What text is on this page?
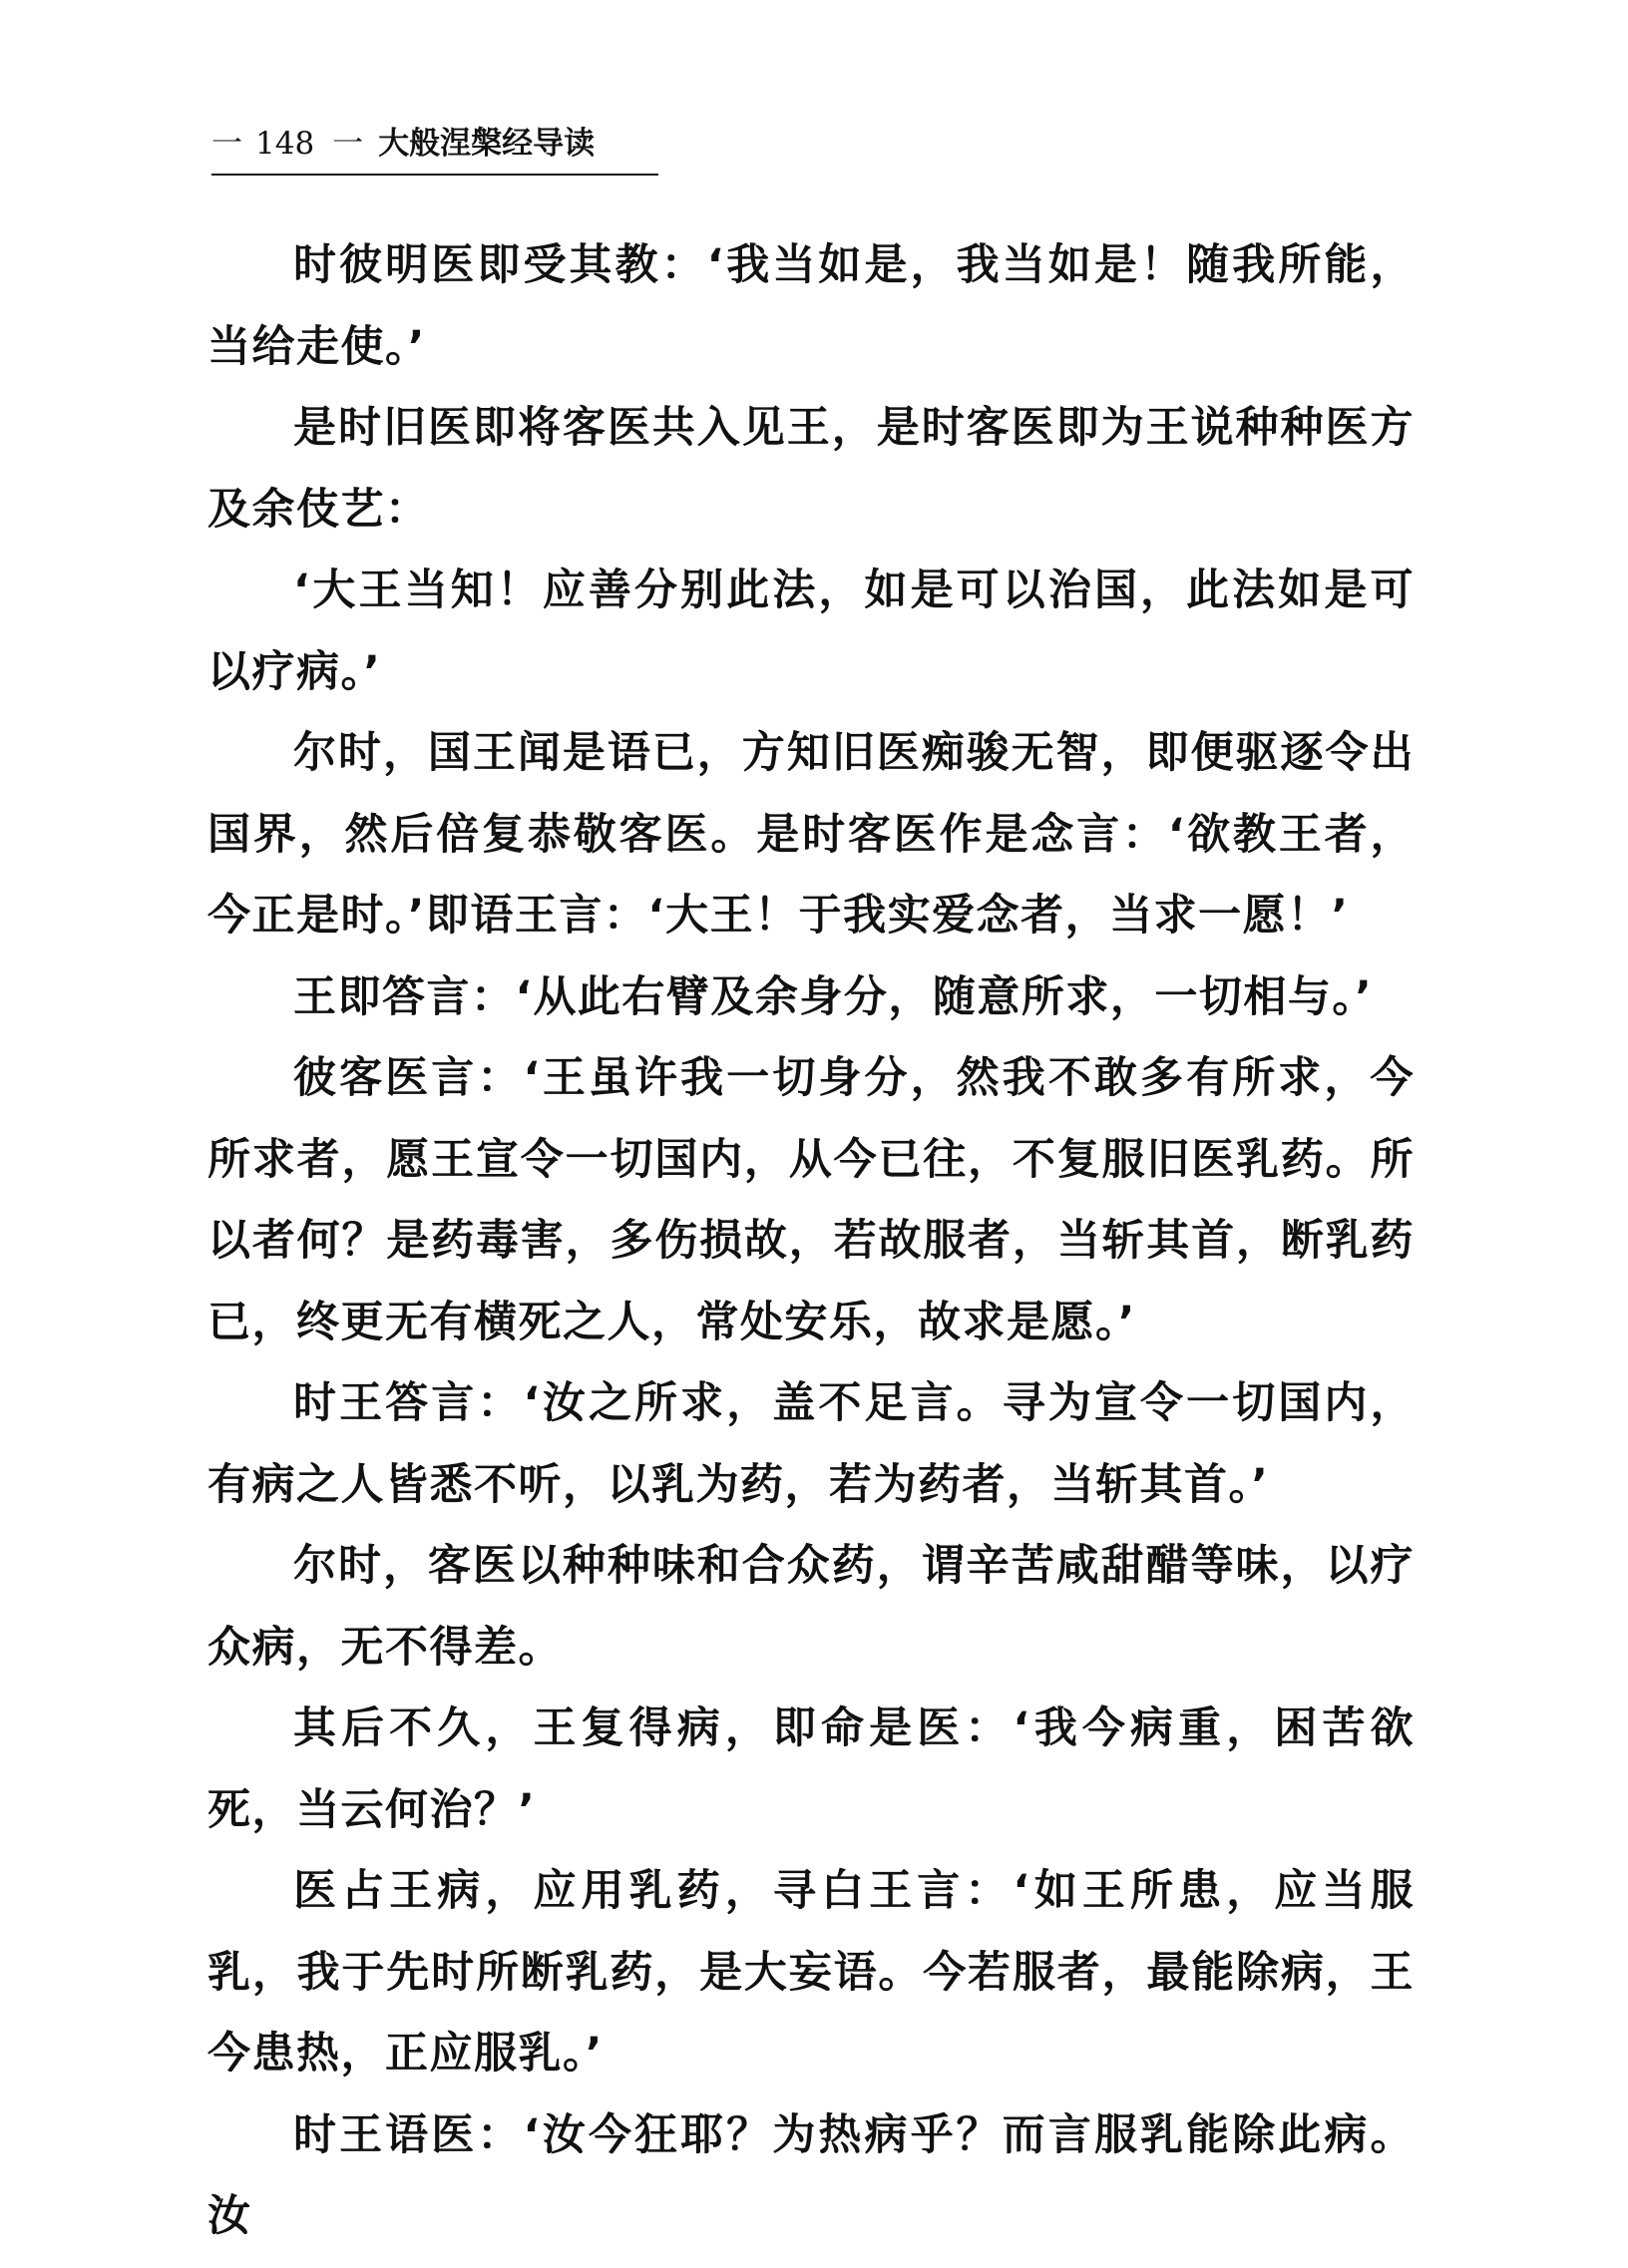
一 148 一 大般涅槃经导读

时彼明医即受其教：‘我当如是，我当如是！随我所能，当给走使。’

是时旧医即将客医共入见王，是时客医即为王说种种医方及余伎艺：

‘大王当知！应善分别此法，如是可以治国，此法如是可以疗病。’

尔时，国王闻是语已，方知旧医痴骏无智，即便驱逐令出国界，然后倍复恭敬客医。是时客医作是念言：‘欲教王者，今正是时。’即语王言：‘大王！于我实爱念者，当求一愿！’

王即答言：‘从此右臂及余身分，随意所求，一切相与。’

彼客医言：‘王虽许我一切身分，然我不敢多有所求，今所求者，愿王宣令一切国内，从今已往，不复服旧医乳药。所以者何？是药毒害，多伤损故，若故服者，当斩其首，断乳药已，终更无有横死之人，常处安乐，故求是愿。’

时王答言：‘汝之所求，盖不足言。寻为宣令一切国内，有病之人皆悉不听，以乳为药，若为药者，当斩其首。’

尔时，客医以种种味和合众药，谓辛苦咸甜醋等味，以疗众病，无不得差。

其后不久，王复得病，即命是医：‘我今病重，困苦欲死，当云何治？’

医占王病，应用乳药，寻白王言：‘如王所患，应当服乳，我于先时所断乳药，是大妄语。今若服者，最能除病，王今患热，正应服乳。’

时王语医：‘汝今狂耶？为热病乎？而言服乳能除此病。汝
